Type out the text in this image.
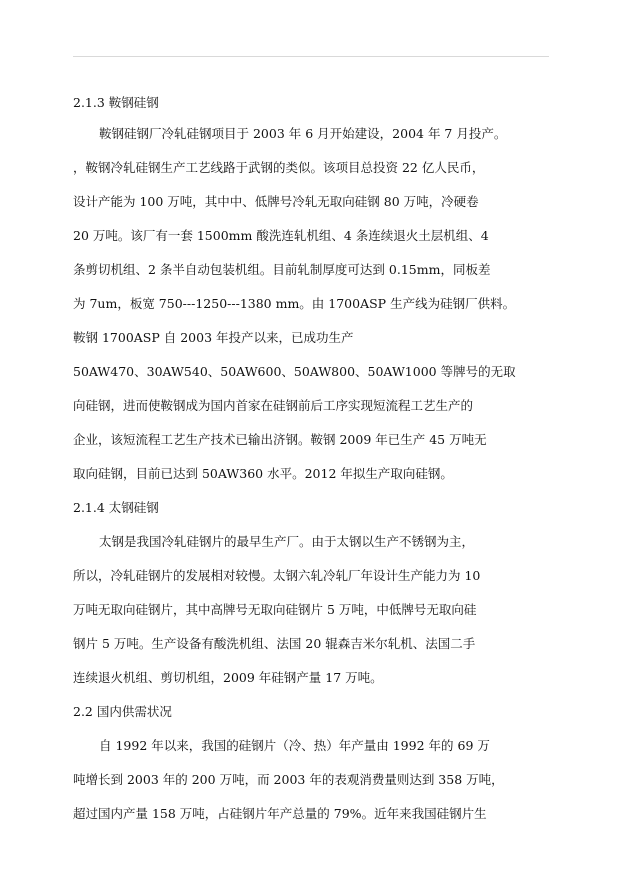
2.1.3 鞍钢硅钢
鞍钢硅钢厂冷轧硅钢项目于 2003 年 6 月开始建设，2004 年 7 月投产。
，鞍钢冷轧硅钢生产工艺线路于武钢的类似。该项目总投资 22 亿人民币，
设计产能为 100 万吨，其中中、低牌号冷轧无取向硅钢 80 万吨，冷硬卷
20 万吨。该厂有一套 1500mm 酸洗连轧机组、4 条连续退火土层机组、4
条剪切机组、2 条半自动包装机组。目前轧制厚度可达到 0.15mm，同板差
为 7um，板宽 750---1250---1380 mm。由 1700ASP 生产线为硅钢厂供料。
鞍钢 1700ASP 自 2003 年投产以来，已成功生产
50AW470、30AW540、50AW600、50AW800、50AW1000 等牌号的无取
向硅钢，进而使鞍钢成为国内首家在硅钢前后工序实现短流程工艺生产的
企业，该短流程工艺生产技术已输出济钢。鞍钢 2009 年已生产 45 万吨无
取向硅钢，目前已达到 50AW360 水平。2012 年拟生产取向硅钢。
2.1.4 太钢硅钢
太钢是我国冷轧硅钢片的最早生产厂。由于太钢以生产不锈钢为主，
所以，冷轧硅钢片的发展相对较慢。太钢六轧冷轧厂年设计生产能力为 10
万吨无取向硅钢片，其中高牌号无取向硅钢片 5 万吨，中低牌号无取向硅
钢片 5 万吨。生产设备有酸洗机组、法国 20 辊森吉米尔轧机、法国二手
连续退火机组、剪切机组，2009 年硅钢产量 17 万吨。
2.2 国内供需状况
自 1992 年以来，我国的硅钢片（冷、热）年产量由 1992 年的 69 万
吨增长到 2003 年的 200 万吨，而 2003 年的表观消费量则达到 358 万吨，
超过国内产量 158 万吨，占硅钢片年产总量的 79%。近年来我国硅钢片生
